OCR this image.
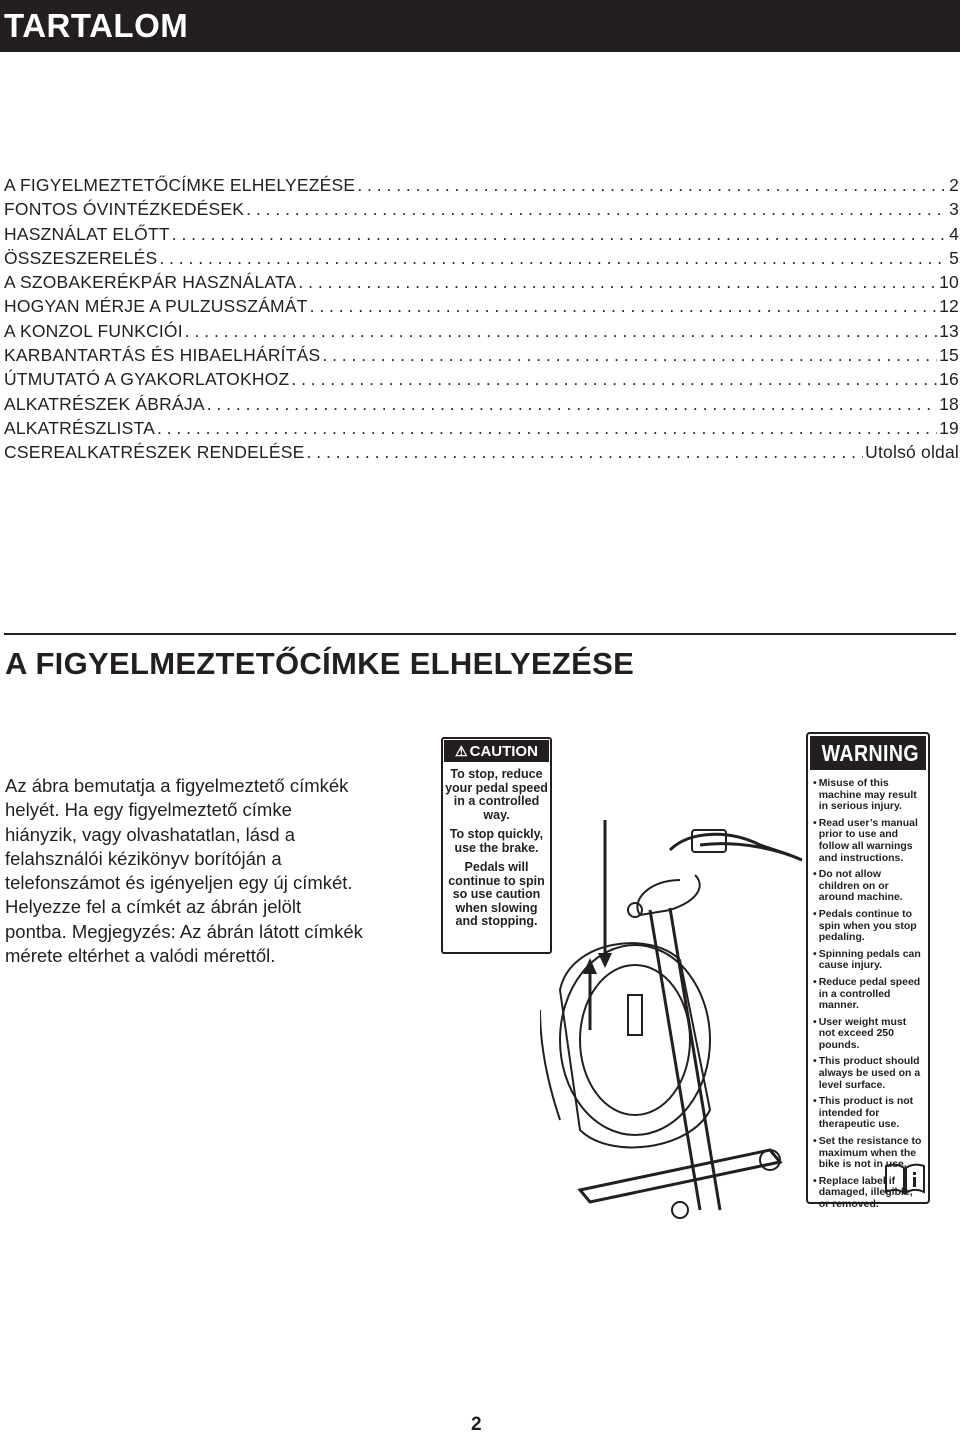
TARTALOM
A FIGYELMEZTETŐCÍMKE ELHELYEZÉSE . . .	2
FONTOS ÓVINTÉZKEDÉSEK . . .	3
HASZNÁLAT ELŐTT . . .	4
ÖSSZESZERELÉS . . .	5
A SZOBAKERÉKPÁR HASZNÁLATA . . .	10
HOGYAN MÉRJE A PULZUSSZÁMÁT . . .	12
A KONZOL FUNKCIÓI . . .	13
KARBANTARTÁS ÉS HIBAELHÁRÍTÁS . . .	15
ÚTMUTATÓ A GYAKORLATOKHOZ . . .	16
ALKATRÉSZEK ÁBRÁJA . . .	18
ALKATRÉSZLISTA . . .	19
CSEREALKATRÉSZEK RENDELÉSE . . .	Utolsó oldal
A FIGYELMEZTETŐCÍMKE ELHELYEZÉSE
Az ábra bemutatja a figyelmeztető címkék helyét. Ha egy figyelmeztető címke hiányzik, vagy olvashatatlan, lásd a felahsználói kézikönyv borítóján a telefonszámot és igényeljen egy új címkét. Helyezze fel a címkét az ábrán jelölt pontba. Megjegyzés: Az ábrán látott címkék mérete eltérhet a valódi mérettől.
⚠ CAUTION

To stop, reduce your pedal speed in a controlled way.

To stop quickly, use the brake.

Pedals will continue to spin so use caution when slowing and stopping.

WARNING
• Misuse of this machine may result in serious injury.
• Read user’s manual prior to use and follow all warnings and instructions.
• Do not allow children on or around machine.
• Pedals continue to spin when you stop pedaling.
• Spinning pedals can cause injury.
• Reduce pedal speed in a controlled manner.
• User weight must not exceed 250 pounds.
• This product should always be used on a level surface.
• This product is not intended for therapeutic use.
• Set the resistance to maximum when the bike is not in use.
• Replace label if damaged, illegible, or removed.
2
